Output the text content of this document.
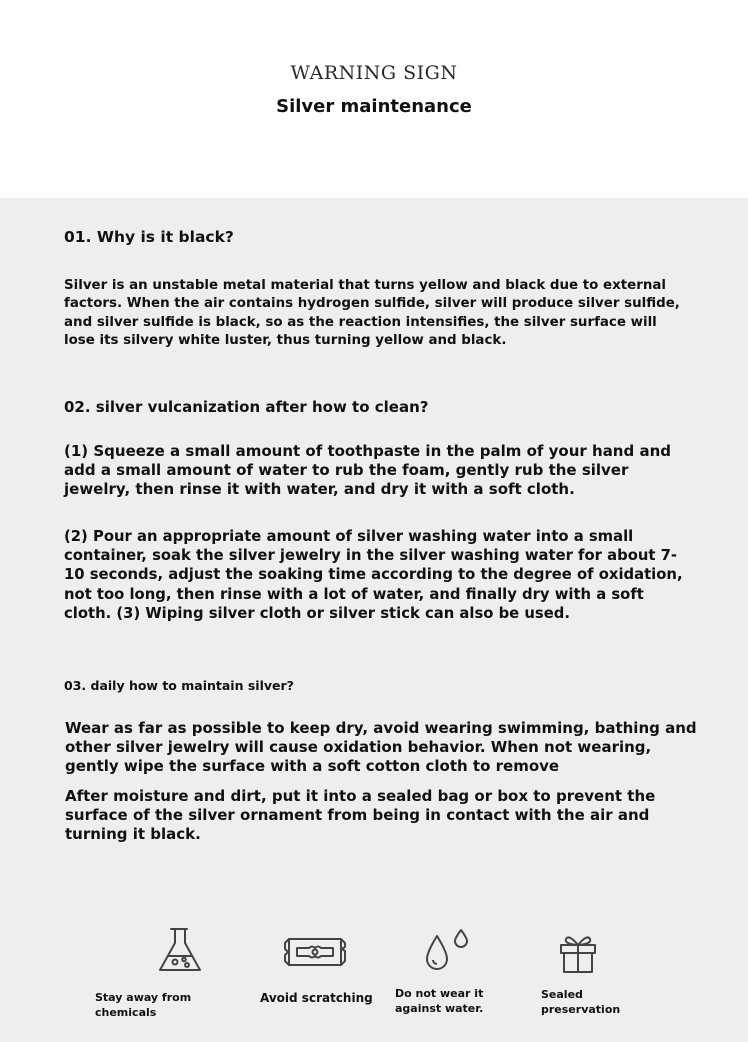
WARNING SIGN
Silver maintenance
01. Why is it black?
Silver is an unstable metal material that turns yellow and black due to external factors. When the air contains hydrogen sulfide, silver will produce silver sulfide, and silver sulfide is black, so as the reaction intensifies, the silver surface will lose its silvery white luster, thus turning yellow and black.
02. silver vulcanization after how to clean?
(1) Squeeze a small amount of toothpaste in the palm of your hand and add a small amount of water to rub the foam, gently rub the silver jewelry, then rinse it with water, and dry it with a soft cloth.
(2) Pour an appropriate amount of silver washing water into a small container, soak the silver jewelry in the silver washing water for about 7-10 seconds, adjust the soaking time according to the degree of oxidation, not too long, then rinse with a lot of water, and finally dry with a soft cloth. (3) Wiping silver cloth or silver stick can also be used.
03. daily how to maintain silver?
Wear as far as possible to keep dry, avoid wearing swimming, bathing and other silver jewelry will cause oxidation behavior. When not wearing, gently wipe the surface with a soft cotton cloth to remove
After moisture and dirt, put it into a sealed bag or box to prevent the surface of the silver ornament from being in contact with the air and turning it black.
Stay away from chemicals
Avoid scratching	Do not wear it against water.
Sealed preservation
